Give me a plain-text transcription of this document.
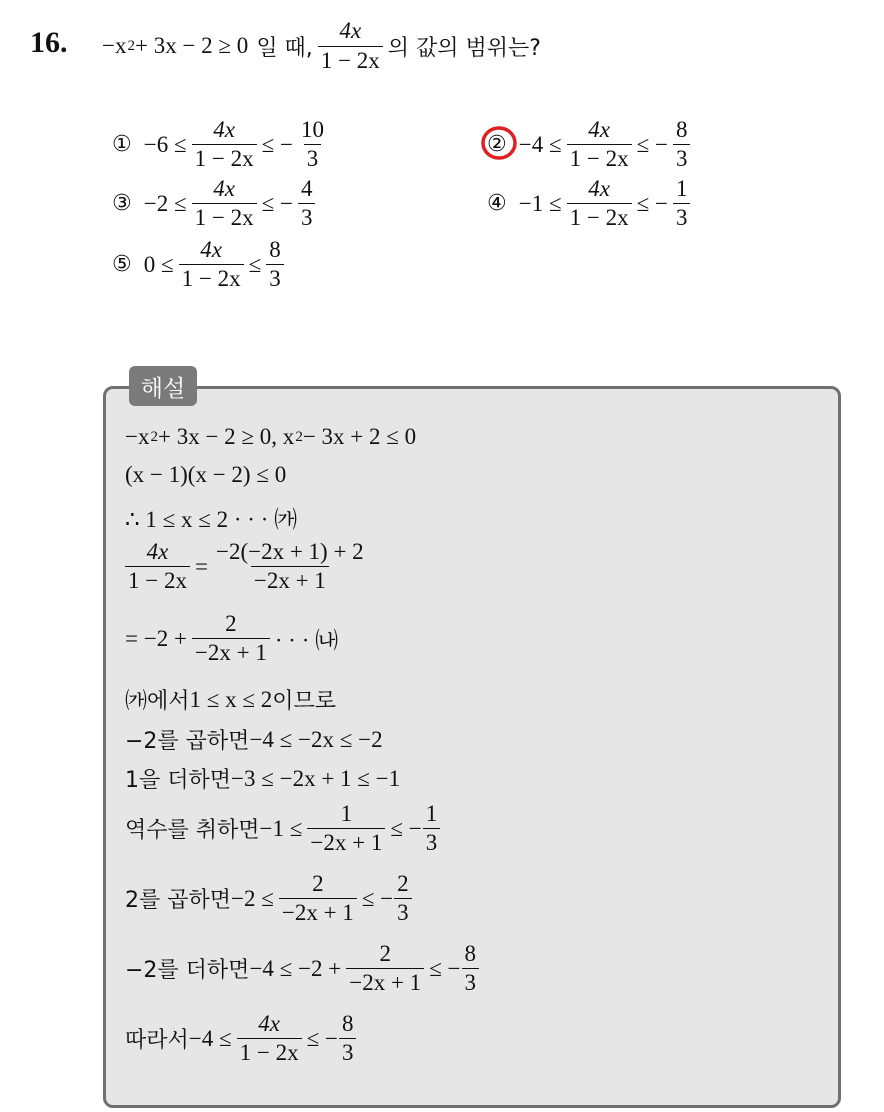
16. −x 2 + 3x − 2 ≥ 0 일 때, $\frac{4x}{1 - 2x}$ 의 값의 범위는?
① $-6 \le \frac{4x}{1 - 2x}$ ≤ − $\frac{10}{3}$	② $-4 \le \frac{4x}{1 - 2x}$ ≤ − $\frac{8}{3}$
③ $-2 \le \frac{4x}{1 - 2x}$ ≤ − $\frac{4}{3}$	④ $-1 \le \frac{4x}{1 - 2x}$ ≤ − $\frac{1}{3}$
⑤ $0 \le \frac{4x}{1 - 2x} \le \frac{8}{3}$
해설
−x 2 + 3x − 2 ≥ 0, x 2 − 3x + 2 ≤ 0
(x − 1)(x − 2) ≤ 0
∴ 1 ≤ x ≤ 2 · · · ㈎
$\frac{4x}{1 - 2x} = \frac{-2(-2x + 1) + 2}{-2x + 1}$
= $-2 + \frac{2}{-2x + 1}$ · · · ㈏
㈎에서 1 ≤ x ≤ 2 이므로
−2를 곱하면 −4 ≤ −2x ≤ −2
1을 더하면 −3 ≤ −2x + 1 ≤ −1
역수를 취하면 $-1 \le \frac{1}{-2x + 1}$ ≤ − $\frac{1}{3}$
2를 곱하면 $-2 \le \frac{2}{-2x + 1}$ ≤ − $\frac{2}{3}$
−2를 더하면 $-4 \le -2 + \frac{2}{-2x + 1}$ ≤ − $\frac{8}{3}$
따라서 $-4 \le \frac{4x}{1 - 2x}$ ≤ − $\frac{8}{3}$
